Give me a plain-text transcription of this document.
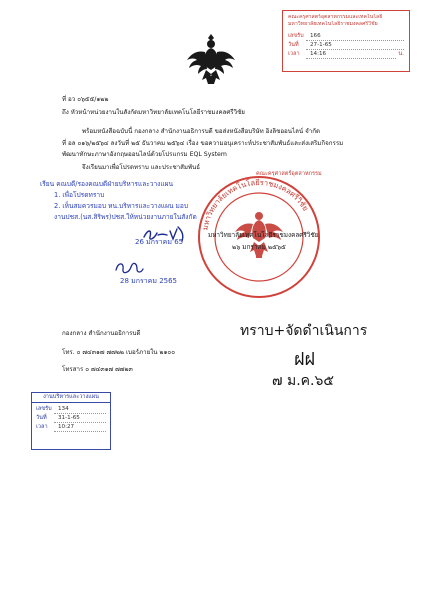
คณะครุศาสตร์อุตสาหกรรมและเทคโนโลยี
มหาวิทยาลัยเทคโนโลยีราชมงคลศรีวิชัย
เลขรับ	166
วันที่	27-1-65
เวลา	14:16	น.
ที่ อว ๐๖๕๕/๑๒๒
ถึง หัวหน้าหน่วยงานในสังกัดมหาวิทยาลัยเทคโนโลยีราชมงคลศรีวิชัย
พร้อมหนังสือฉบับนี้ กองกลาง สำนักงานอธิการบดี ขอส่งหนังสือบริษัท อิงลิชออนไลน์ จำกัด
ที่ อล ๐๑๖/๒๕๖๔ ลงวันที่ ๒๕ ธันวาคม ๒๕๖๔ เรื่อง ขอความอนุเคราะห์ประชาสัมพันธ์และส่งเสริมกิจกรรม
พัฒนาทักษะภาษาอังกฤษออนไลน์ด้วยโปรแกรม EQL System
จึงเรียนมาเพื่อโปรดทราบ และประชาสัมพันธ์
เรียน คณบดี/รองคณบดีฝ่ายบริหารและวางแผน
1. เพื่อโปรดทราบ
2. เห็นสมควรมอบ หน.บริหารและวางแผน มอบ
งานปชส.(นส.สิริพร)ปชส.ให้หน่วยงานภายในสังกัด
26 มกราคม 65
28 มกราคม 2565
มหาวิทยาลัยเทคโนโลยีราชมงคลศรีวิชัย
คณะครุศาสตร์อุตสาหกรรม
มหาวิทยาลัยเทคโนโลยีราชมงคลศรีวิชัย
๒๖ มกราคม ๒๕๖๕
กองกลาง สำนักงานอธิการบดี
โทร. ๐ ๗๔๓๑๗ ๗๗๒๒ เบอร์ภายใน ๒๑๐๐
โทรสาร ๐ ๗๔๓๑๗ ๗๗๒๓
ทราบ+จัดดำเนินการ
ฝฝ
๗ ม.ค.๖๕
งานบริหารและวางแผน
เลขรับ	134
วันที่	31-1-65
เวลา	10:27
